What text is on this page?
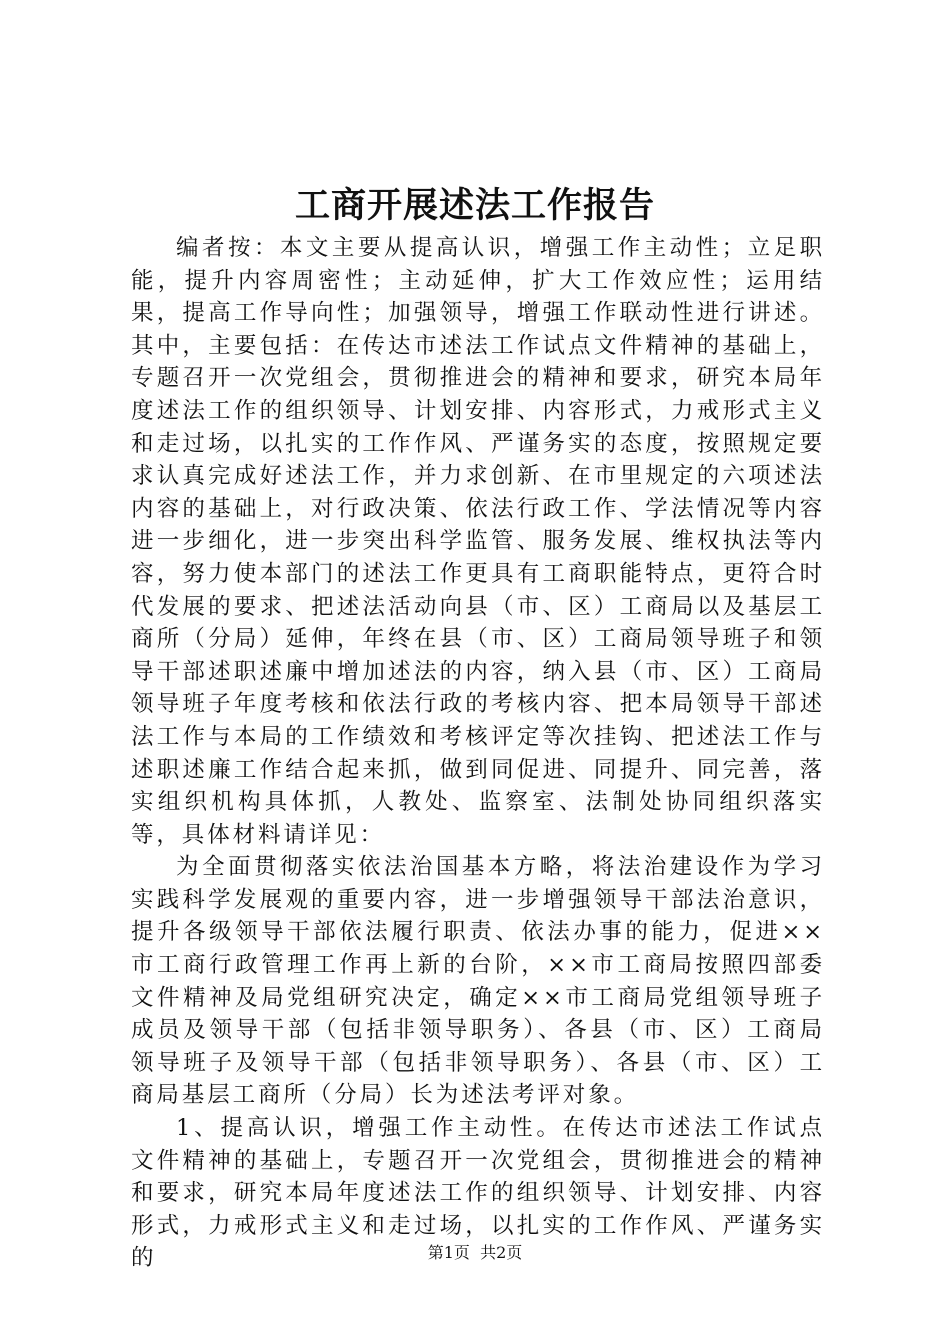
工商开展述法工作报告

编者按：本文主要从提高认识，增强工作主动性；立足职能，提升内容周密性；主动延伸，扩大工作效应性；运用结果，提高工作导向性；加强领导，增强工作联动性进行讲述。其中，主要包括：在传达市述法工作试点文件精神的基础上，专题召开一次党组会，贯彻推进会的精神和要求，研究本局年度述法工作的组织领导、计划安排、内容形式，力戒形式主义和走过场，以扎实的工作作风、严谨务实的态度，按照规定要求认真完成好述法工作，并力求创新、在市里规定的六项述法内容的基础上，对行政决策、依法行政工作、学法情况等内容进一步细化，进一步突出科学监管、服务发展、维权执法等内容，努力使本部门的述法工作更具有工商职能特点，更符合时代发展的要求、把述法活动向县（市、区）工商局以及基层工商所（分局）延伸，年终在县（市、区）工商局领导班子和领导干部述职述廉中增加述法的内容，纳入县（市、区）工商局领导班子年度考核和依法行政的考核内容、把本局领导干部述法工作与本局的工作绩效和考核评定等次挂钩、把述法工作与述职述廉工作结合起来抓，做到同促进、同提升、同完善，落实组织机构具体抓，人教处、监察室、法制处协同组织落实等，具体材料请详见：

为全面贯彻落实依法治国基本方略，将法治建设作为学习实践科学发展观的重要内容，进一步增强领导干部法治意识，提升各级领导干部依法履行职责、依法办事的能力，促进××市工商行政管理工作再上新的台阶，××市工商局按照四部委文件精神及局党组研究决定，确定××市工商局党组领导班子成员及领导干部（包括非领导职务）、各县（市、区）工商局领导班子及领导干部（包括非领导职务）、各县（市、区）工商局基层工商所（分局）长为述法考评对象。

1、提高认识，增强工作主动性。在传达市述法工作试点文件精神的基础上，专题召开一次党组会，贯彻推进会的精神和要求，研究本局年度述法工作的组织领导、计划安排、内容形式，力戒形式主义和走过场，以扎实的工作作风、严谨务实的	第1页 共2页
